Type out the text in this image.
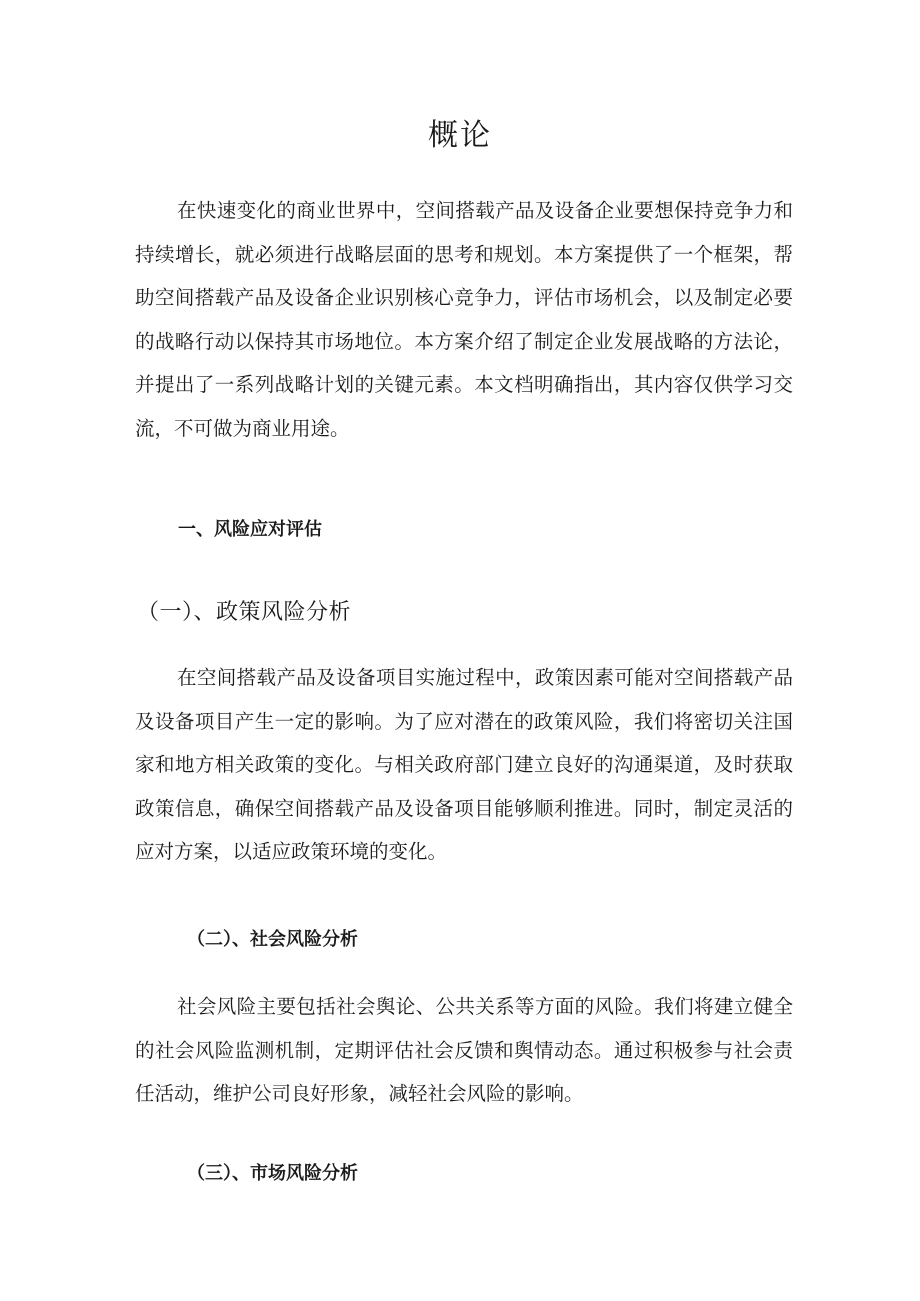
概论

在快速变化的商业世界中，空间搭载产品及设备企业要想保持竞争力和持续增长，就必须进行战略层面的思考和规划。本方案提供了一个框架，帮助空间搭载产品及设备企业识别核心竞争力，评估市场机会，以及制定必要的战略行动以保持其市场地位。本方案介绍了制定企业发展战略的方法论，并提出了一系列战略计划的关键元素。本文档明确指出，其内容仅供学习交流，不可做为商业用途。

一、风险应对评估
（一）、政策风险分析

在空间搭载产品及设备项目实施过程中，政策因素可能对空间搭载产品及设备项目产生一定的影响。为了应对潜在的政策风险，我们将密切关注国家和地方相关政策的变化。与相关政府部门建立良好的沟通渠道，及时获取政策信息，确保空间搭载产品及设备项目能够顺利推进。同时，制定灵活的应对方案，以适应政策环境的变化。

（二）、社会风险分析

社会风险主要包括社会舆论、公共关系等方面的风险。我们将建立健全的社会风险监测机制，定期评估社会反馈和舆情动态。通过积极参与社会责任活动，维护公司良好形象，减轻社会风险的影响。

（三）、市场风险分析
